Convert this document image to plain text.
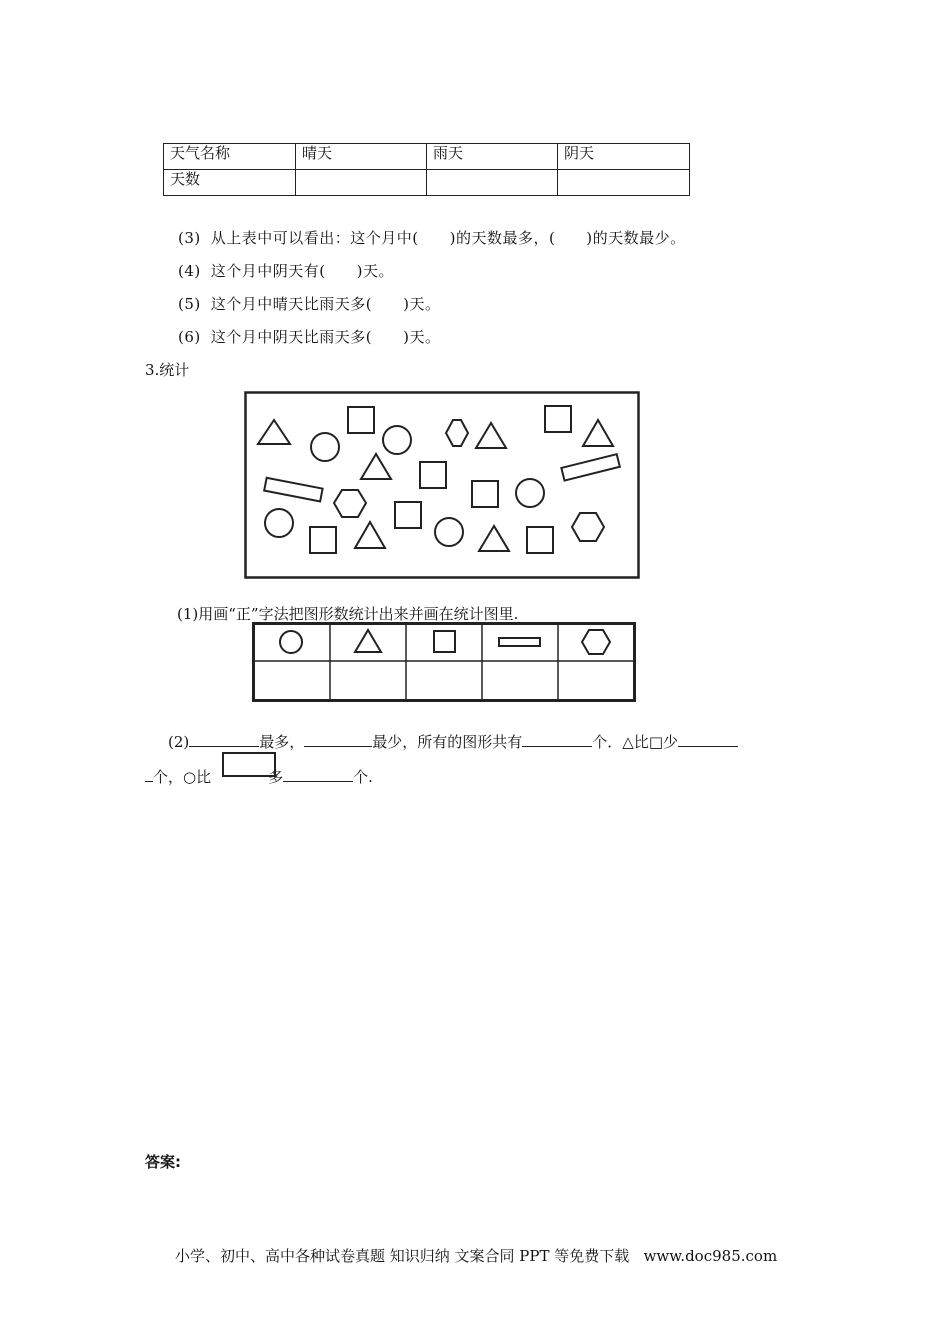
天气名称	晴天	雨天	阴天
天数			
(3) 从上表中可以看出：这个月中(　　)的天数最多，(　　)的天数最少。
(4) 这个月中阴天有(　　)天。
(5) 这个月中晴天比雨天多(　　)天。
(6) 这个月中阴天比雨天多(　　)天。
3.统计
(1)用画“正”字法把图形数统计出来并画在统计图里.
(2)	最多，	最少，所有的图形共有	个．△比□少
个，○比	多	个.
答案:
小学、初中、高中各种试卷真题 知识归纳 文案合同 PPT 等免费下载   www.doc985.com
